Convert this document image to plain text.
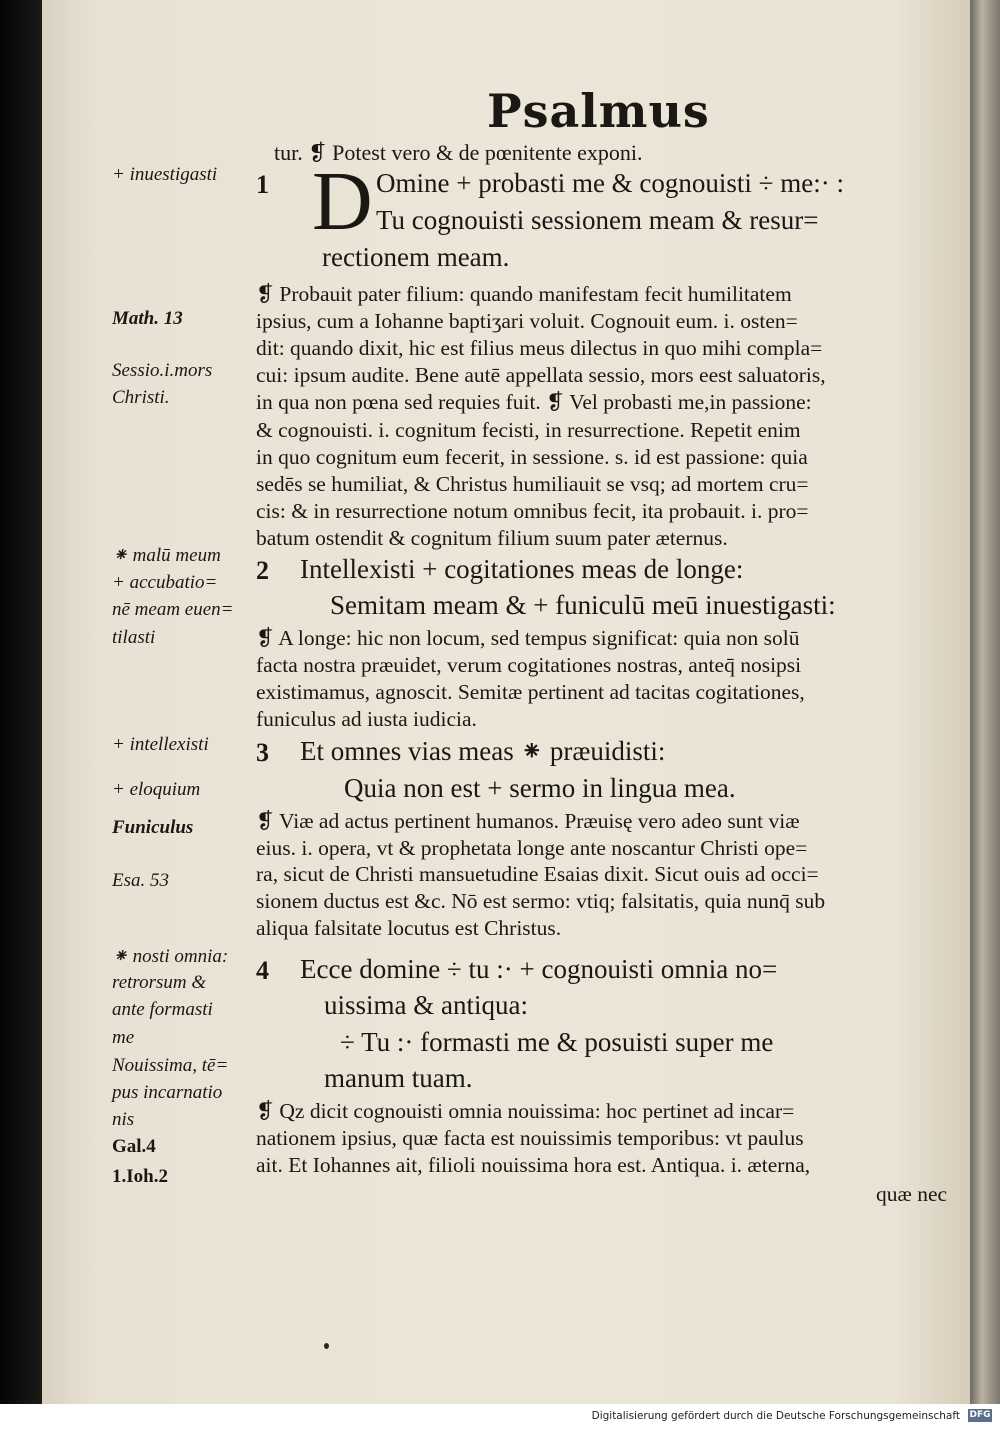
Psalmus
tur. ❡ Potest vero & de pœnitente exponi.
1 D Omine + probasti me & cognouisti ÷ me:· :
Tu cognouisti sessionem meam & resur=
rectionem meam.
❡ Probauit pater filium: quando manifestam fecit humilitatem
ipsius, cum a Iohanne baptiʒari voluit. Cognouit eum. i. osten=
dit: quando dixit, hic est filius meus dilectus in quo mihi compla=
cui: ipsum audite. Bene autē appellata sessio, mors eest saluatoris,
in qua non pœna sed requies fuit. ❡ Vel probasti me,in passione:
& cognouisti. i. cognitum fecisti, in resurrectione. Repetit enim
in quo cognitum eum fecerit, in sessione. s. id est passione: quia
sedēs se humiliat, & Christus humiliauit se vsq; ad mortem cru=
cis: & in resurrectione notum omnibus fecit, ita probauit. i. pro=
batum ostendit & cognitum filium suum pater æternus.
2 Intellexisti + cogitationes meas de longe:
Semitam meam & + funiculū meū inuestigasti:
❡ A longe: hic non locum, sed tempus significat: quia non solū
facta nostra præuidet, verum cogitationes nostras, anteq̄ nosipsi
existimamus, agnoscit. Semitæ pertinent ad tacitas cogitationes,
funiculus ad iusta iudicia.
3 Et omnes vias meas ⁕ præuidisti:
Quia non est + sermo in lingua mea.
❡ Viæ ad actus pertinent humanos. Præuisę vero adeo sunt viæ
eius. i. opera, vt & prophetata longe ante noscantur Christi ope=
ra, sicut de Christi mansuetudine Esaias dixit. Sicut ouis ad occi=
sionem ductus est &c. Nō est sermo: vtiq; falsitatis, quia nunq̄ sub
aliqua falsitate locutus est Christus.
4 Ecce domine ÷ tu :· + cognouisti omnia no=
uissima & antiqua:
÷ Tu :· formasti me & posuisti super me
manum tuam.
❡ Qz dicit cognouisti omnia nouissima: hoc pertinet ad incar=
nationem ipsius, quæ facta est nouissimis temporibus: vt paulus
ait. Et Iohannes ait, filioli nouissima hora est. Antiqua. i. æterna,
quæ nec
+ inuestigasti
Math. 13
Sessio.i.mors
Christi.
⁕ malū meum
+ accubatio=
nē meam euen=
tilasti
+ intellexisti
+ eloquium
Funiculus
Esa. 53
⁕ nosti omnia:
retrorsum &
ante formasti
me
Nouissima, tē=
pus incarnatio
nis
Gal.4
1.Ioh.2
Digitalisierung gefördert durch die Deutsche Forschungsgemeinschaft DFG
